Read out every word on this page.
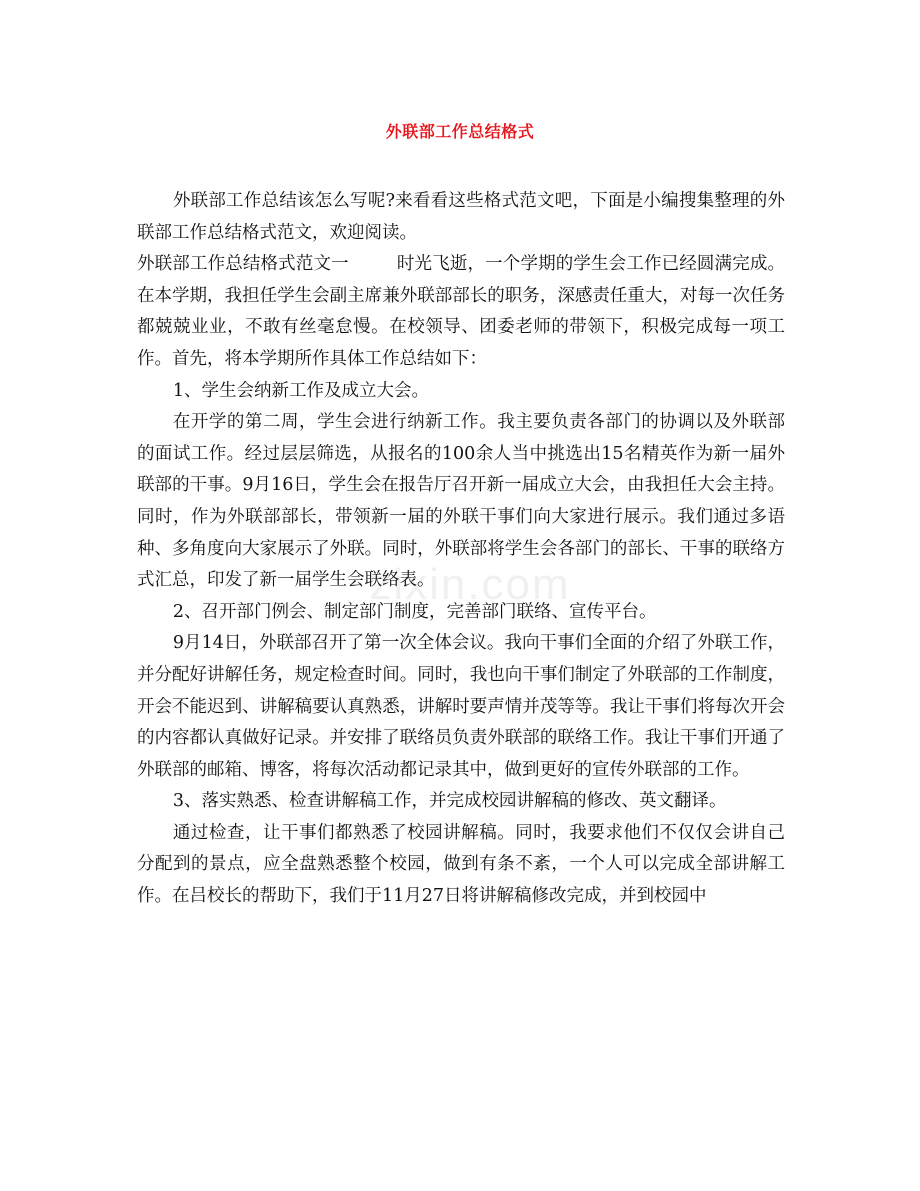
外联部工作总结格式
zixin.com

外联部工作总结该怎么写呢?来看看这些格式范文吧，下面是小编搜集整理的外联部工作总结格式范文，欢迎阅读。

外联部工作总结格式范文一	时光飞逝，一个学期的学生会工作已经圆满完成。在本学期，我担任学生会副主席兼外联部部长的职务，深感责任重大，对每一次任务都兢兢业业，不敢有丝毫怠慢。在校领导、团委老师的带领下，积极完成每一项工作。首先，将本学期所作具体工作总结如下：

1、学生会纳新工作及成立大会。

在开学的第二周，学生会进行纳新工作。我主要负责各部门的协调以及外联部的面试工作。经过层层筛选，从报名的100余人当中挑选出15名精英作为新一届外联部的干事。9月16日，学生会在报告厅召开新一届成立大会，由我担任大会主持。同时，作为外联部部长，带领新一届的外联干事们向大家进行展示。我们通过多语种、多角度向大家展示了外联。同时，外联部将学生会各部门的部长、干事的联络方式汇总，印发了新一届学生会联络表。

2、召开部门例会、制定部门制度，完善部门联络、宣传平台。

9月14日，外联部召开了第一次全体会议。我向干事们全面的介绍了外联工作，并分配好讲解任务，规定检查时间。同时，我也向干事们制定了外联部的工作制度，开会不能迟到、讲解稿要认真熟悉，讲解时要声情并茂等等。我让干事们将每次开会的内容都认真做好记录。并安排了联络员负责外联部的联络工作。我让干事们开通了外联部的邮箱、博客，将每次活动都记录其中，做到更好的宣传外联部的工作。

3、落实熟悉、检查讲解稿工作，并完成校园讲解稿的修改、英文翻译。

通过检查，让干事们都熟悉了校园讲解稿。同时，我要求他们不仅仅会讲自己分配到的景点，应全盘熟悉整个校园，做到有条不紊，一个人可以完成全部讲解工作。在吕校长的帮助下，我们于11月27日将讲解稿修改完成，并到校园中
